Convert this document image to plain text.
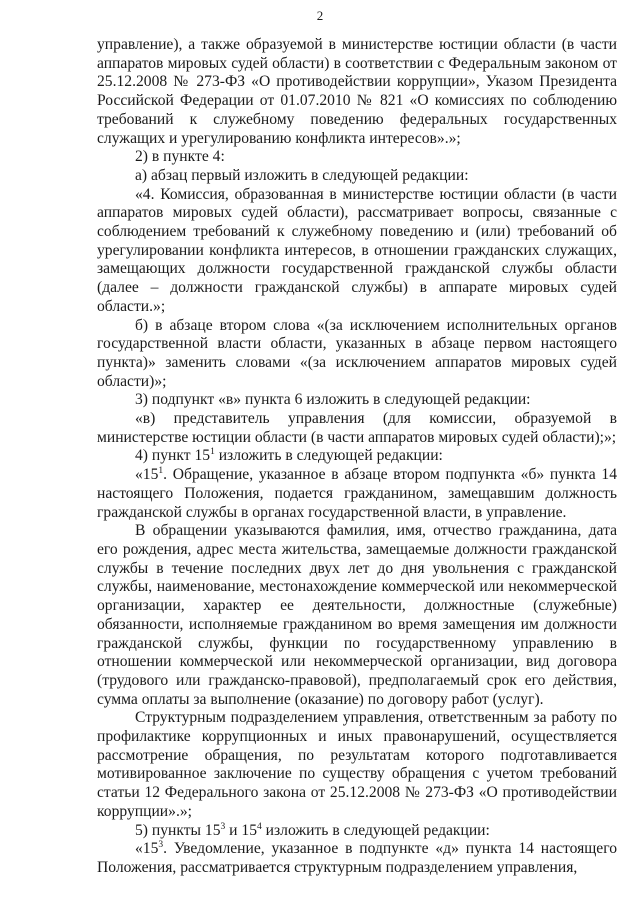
2

управление), а также образуемой в министерстве юстиции области (в части аппаратов мировых судей области) в соответствии с Федеральным законом от 25.12.2008 № 273-ФЗ «О противодействии коррупции», Указом Президента Российской Федерации от 01.07.2010 № 821 «О комиссиях по соблюдению требований к служебному поведению федеральных государственных служащих и урегулированию конфликта интересов».»;

2) в пункте 4:

а) абзац первый изложить в следующей редакции:

«4. Комиссия, образованная в министерстве юстиции области (в части аппаратов мировых судей области), рассматривает вопросы, связанные с соблюдением требований к служебному поведению и (или) требований об урегулировании конфликта интересов, в отношении гражданских служащих, замещающих должности государственной гражданской службы области (далее – должности гражданской службы) в аппарате мировых судей области.»;

б) в абзаце втором слова «(за исключением исполнительных органов государственной власти области, указанных в абзаце первом настоящего пункта)» заменить словами «(за исключением аппаратов мировых судей области)»;

3) подпункт «в» пункта 6 изложить в следующей редакции:

«в) представитель управления (для комиссии, образуемой в министерстве юстиции области (в части аппаратов мировых судей области);»;

4) пункт $15^1$ изложить в следующей редакции:

«$15^1$. Обращение, указанное в абзаце втором подпункта «б» пункта 14 настоящего Положения, подается гражданином, замещавшим должность гражданской службы в органах государственной власти, в управление.

В обращении указываются фамилия, имя, отчество гражданина, дата его рождения, адрес места жительства, замещаемые должности гражданской службы в течение последних двух лет до дня увольнения с гражданской службы, наименование, местонахождение коммерческой или некоммерческой организации, характер ее деятельности, должностные (служебные) обязанности, исполняемые гражданином во время замещения им должности гражданской службы, функции по государственному управлению в отношении коммерческой или некоммерческой организации, вид договора (трудового или гражданско-правовой), предполагаемый срок его действия, сумма оплаты за выполнение (оказание) по договору работ (услуг).

Структурным подразделением управления, ответственным за работу по профилактике коррупционных и иных правонарушений, осуществляется рассмотрение обращения, по результатам которого подготавливается мотивированное заключение по существу обращения с учетом требований статьи 12 Федерального закона от 25.12.2008 № 273-ФЗ «О противодействии коррупции».»;

5) пункты $15^3$ и $15^4$ изложить в следующей редакции:

«$15^3$. Уведомление, указанное в подпункте «д» пункта 14 настоящего Положения, рассматривается структурным подразделением управления,
